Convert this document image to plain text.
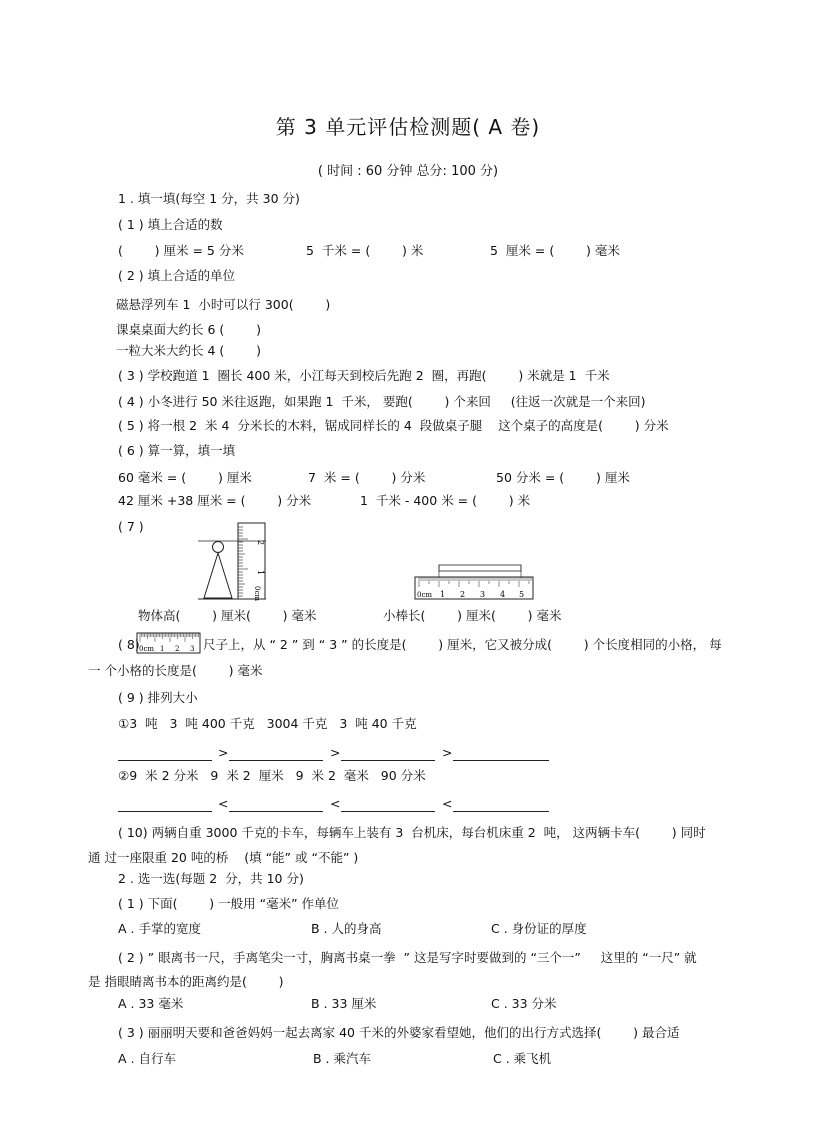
第 3 单元评估检测题( A 卷)
( 时间 : 60 分钟 总分: 100 分)
1 . 填一填(每空 1 分，共 30 分)
( 1 ) 填上合适的数
(        ) 厘米 = 5 分米	5  千米 = (        ) 米	5  厘米 = (        ) 毫米
( 2 ) 填上合适的单位
磁悬浮列车 1  小时可以行 300(        )
课桌桌面大约长 6 (        )
一粒大米大约长 4 (        )
( 3 ) 学校跑道 1  圈长 400 米，小江每天到校后先跑 2  圈，再跑(        ) 米就是 1  千米
( 4 ) 小冬进行 50 米往返跑，如果跑 1  千米， 要跑(        ) 个来回     (往返一次就是一个来回)
( 5 ) 将一根 2  米 4  分米长的木料，锯成同样长的 4  段做桌子腿    这个桌子的高度是(        ) 分米
( 6 ) 算一算，填一填
60 毫米 = (        ) 厘米	7  米 = (        ) 分米	50 分米 = (        ) 厘米
42 厘米 +38 厘米 = (        ) 分米	1  千米 - 400 米 = (        ) 米
( 7 )
2
1
0cm	0cm 1 2 3 4 5
物体高(        ) 厘米(        ) 毫米	小棒长(        ) 厘米(        ) 毫米
( 8) 0cm 1 2 3 尺子上，从 “ 2 ” 到 “ 3 ” 的长度是(        ) 厘米，它又被分成(        ) 个长度相同的小格， 每
一 个小格的长度是(        ) 毫米
( 9 ) 排列大小
①3  吨   3  吨 400 千克   3004 千克   3  吨 40 千克
>	>	>
②9  米 2 分米   9  米 2  厘米   9  米 2  毫米   90 分米
<	<	<
( 10) 两辆自重 3000 千克的卡车，每辆车上装有 3  台机床，每台机床重 2  吨， 这两辆卡车(        ) 同时
通 过一座限重 20 吨的桥    (填 “能” 或 “不能” )
2 . 选一选(每题 2  分，共 10 分)
( 1 ) 下面(        ) 一般用 “毫米” 作单位
A . 手掌的宽度	B . 人的身高	C . 身份证的厚度
( 2 ) ” 眼离书一尺，手离笔尖一寸，胸离书桌一拳  ” 这是写字时要做到的 “三个一”     这里的 “一尺” 就
是 指眼睛离书本的距离约是(        )
A . 33 毫米	B . 33 厘米	C . 33 分米
( 3 ) 丽丽明天要和爸爸妈妈一起去离家 40 千米的外婆家看望她，他们的出行方式选择(        ) 最合适
A . 自行车	B . 乘汽车	C . 乘飞机
